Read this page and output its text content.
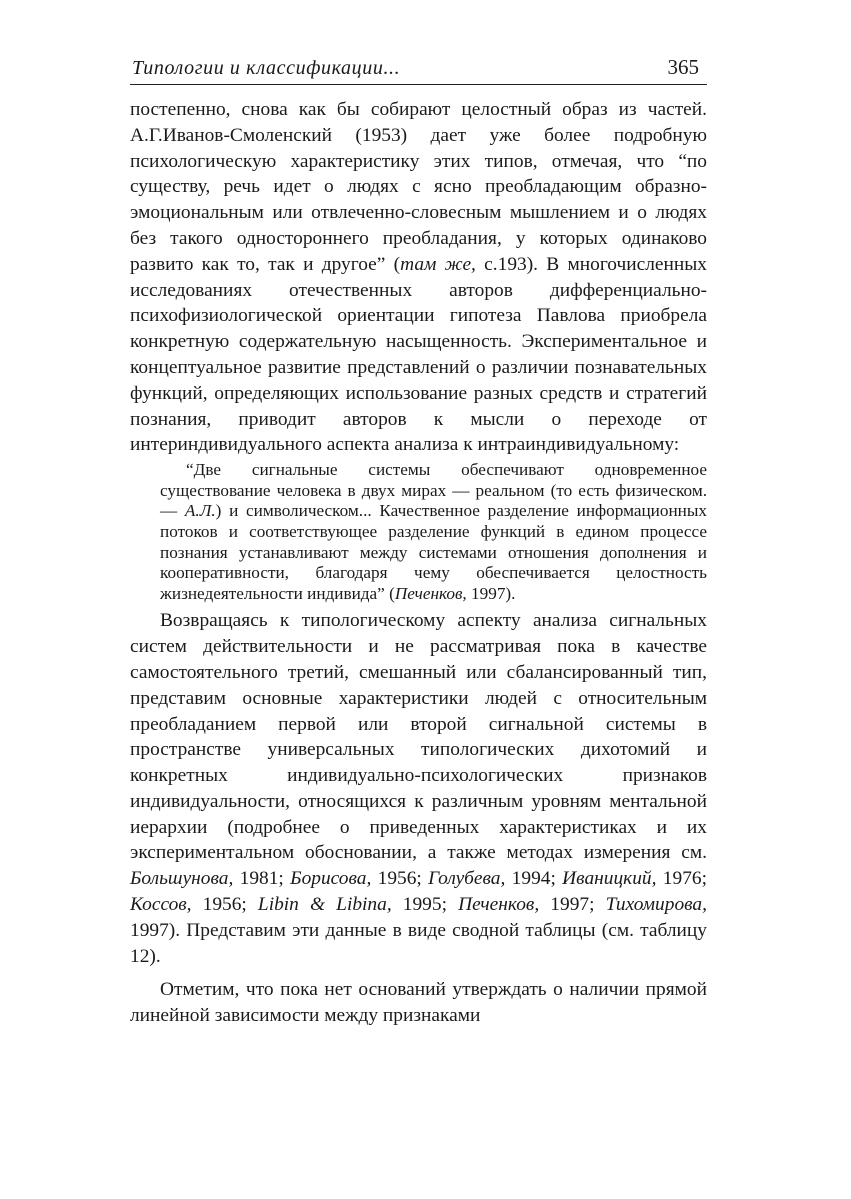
Типологии и классификации...	365

постепенно, снова как бы собирают целостный образ из частей. А.Г.Иванов-Смоленский (1953) дает уже более подробную психологическую характеристику этих типов, отмечая, что “по существу, речь идет о людях с ясно преобладающим образно-эмоциональным или отвлеченно-словесным мышлением и о людях без такого одностороннего преобладания, у которых одинаково развито как то, так и другое” (там же, с.193). В многочисленных исследованиях отечественных авторов дифференциально-психофизиологической ориентации гипотеза Павлова приобрела конкретную содержательную насыщенность. Экспериментальное и концептуальное развитие представлений о различии познавательных функций, определяющих использование разных средств и стратегий познания, приводит авторов к мысли о переходе от интериндивидуального аспекта анализа к интраиндивидуальному:

“Две сигнальные системы обеспечивают одновременное существование человека в двух мирах — реальном (то есть физическом. — А.Л.) и символическом... Качественное разделение информационных потоков и соответствующее разделение функций в едином процессе познания устанавливают между системами отношения дополнения и кооперативности, благодаря чему обеспечивается целостность жизнедеятельности индивида” (Печенков, 1997).

Возвращаясь к типологическому аспекту анализа сигнальных систем действительности и не рассматривая пока в качестве самостоятельного третий, смешанный или сбалансированный тип, представим основные характеристики людей с относительным преобладанием первой или второй сигнальной системы в пространстве универсальных типологических дихотомий и конкретных индивидуально-психологических признаков индивидуальности, относящихся к различным уровням ментальной иерархии (подробнее о приведенных характеристиках и их экспериментальном обосновании, а также методах измерения см. Большунова, 1981; Борисова, 1956; Голубева, 1994; Иваницкий, 1976; Коссов, 1956; Libin & Libina, 1995; Печенков, 1997; Тихомирова, 1997). Представим эти данные в виде сводной таблицы (см. таблицу 12).

Отметим, что пока нет оснований утверждать о наличии прямой линейной зависимости между признаками
